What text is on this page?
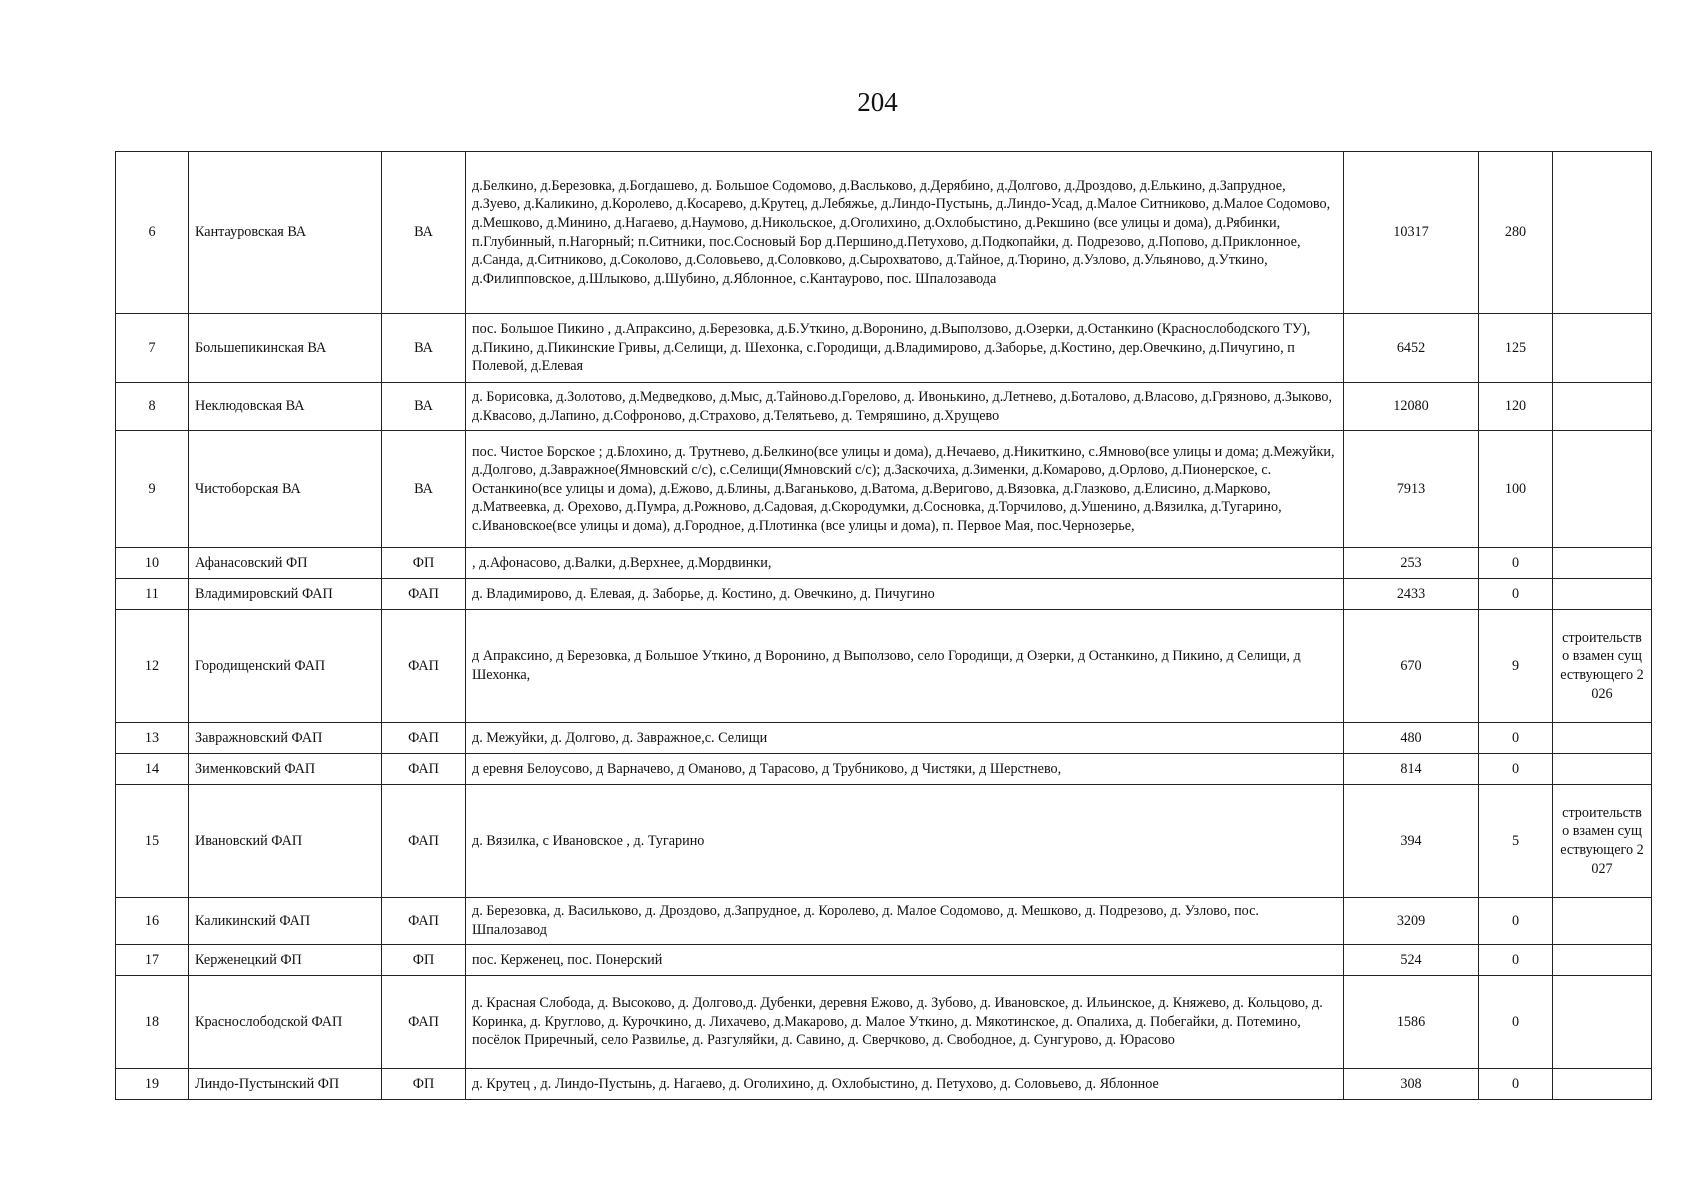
204
6	Кантауровская ВА	ВА	д.Белкино, д.Березовка, д.Богдашево, д. Большое Содомово, д.Васльково, д.Дерябино, д.Долгово, д.Дроздово, д.Елькино, д.Запрудное, д.Зуево, д.Каликино, д.Королево, д.Косарево, д.Крутец, д.Лебяжье, д.Линдо-Пустынь, д.Линдо-Усад, д.Малое Ситниково, д.Малое Содомово, д.Мешково, д.Минино, д.Нагаево, д.Наумово, д.Никольское, д.Оголихино, д.Охлобыстино, д.Рекшино (все улицы и дома), д.Рябинки, п.Глубинный, п.Нагорный; п.Ситники, пос.Сосновый Бор д.Першино,д.Петухово, д.Подкопайки, д. Подрезово, д.Попово, д.Приклонное, д.Санда, д.Ситниково, д.Соколово, д.Соловьево, д.Соловково, д.Сырохватово, д.Тайное, д.Тюрино, д.Узлово, д.Ульяново, д.Уткино, д.Филипповское, д.Шлыково, д.Шубино, д.Яблонное, с.Кантаурово, пос. Шпалозавода	10317	280	

7	Большепикинская ВА	ВА	пос. Большое Пикино , д.Апраксино, д.Березовка, д.Б.Уткино, д.Воронино, д.Выползово, д.Озерки, д.Останкино (Краснослободского ТУ), д.Пикино, д.Пикинские Гривы, д.Селищи, д. Шехонка, с.Городищи, д.Владимирово, д.Заборье, д.Костино, дер.Овечкино, д.Пичугино, п Полевой, д.Елевая	6452	125	

8	Неклюдовская ВА	ВА	д. Борисовка, д.Золотово, д.Медведково, д.Мыс, д.Тайново.д.Горелово, д. Ивонькино, д.Летнево, д.Боталово, д.Власово, д.Грязново, д.Зыково, д.Квасово, д.Лапино, д.Софроново, д.Страхово, д.Телятьево, д. Темряшино, д.Хрущево	12080	120	

9	Чистоборская ВА	ВА	пос. Чистое Борское ; д.Блохино, д. Трутнево, д.Белкино(все улицы и дома), д.Нечаево, д.Никиткино, с.Ямново(все улицы и дома; д.Межуйки, д.Долгово, д.Завражное(Ямновский с/с), с.Селищи(Ямновский с/с); д.Заскочиха, д.Зименки, д.Комарово, д.Орлово, д.Пионерское, с. Останкино(все улицы и дома), д.Ежово, д.Блины, д.Ваганьково, д.Ватома, д.Веригово, д.Вязовка, д.Глазково, д.Елисино, д.Марково, д.Матвеевка, д. Орехово, д.Пумра, д.Рожново, д.Садовая, д.Скородумки, д.Сосновка, д.Торчилово, д.Ушенино, д.Вязилка, д.Тугарино, с.Ивановское(все улицы и дома), д.Городное, д.Плотинка (все улицы и дома), п. Первое Мая, пос.Чернозерье,	7913	100	

10	Афанасовский ФП	ФП	, д.Афонасово, д.Валки, д.Верхнее, д.Мордвинки,	253	0	

11	Владимировский ФАП	ФАП	д. Владимирово, д. Елевая, д. Заборье, д. Костино, д. Овечкино, д. Пичугино	2433	0	

12	Городищенский ФАП	ФАП	д Апраксино, д Березовка, д Большое Уткино, д Воронино, д Выползово, село Городищи, д Озерки, д Останкино, д Пикино, д Селищи, д Шехонка,	670	9	строительство взамен существующего 2026

13	Завражновский ФАП	ФАП	д. Межуйки, д. Долгово, д. Завражное,с. Селищи	480	0	

14	Зименковский ФАП	ФАП	д еревня Белоусово, д Варначево, д Оманово, д Тарасово, д Трубниково, д Чистяки, д Шерстнево,	814	0	

15	Ивановский ФАП	ФАП	д. Вязилка, с Ивановское , д. Тугарино	394	5	строительство взамен существующего 2027

16	Каликинский ФАП	ФАП	д. Березовка, д. Васильково, д. Дроздово, д.Запрудное, д. Королево, д. Малое Содомово, д. Мешково, д. Подрезово, д. Узлово, пос. Шпалозавод	3209	0	

17	Керженецкий ФП	ФП	пос. Керженец, пос. Понерский	524	0	

18	Краснослободской ФАП	ФАП	д. Красная Слобода, д. Высоково, д. Долгово,д. Дубенки, деревня Ежово, д. Зубово, д. Ивановское, д. Ильинское, д. Княжево, д. Кольцово, д. Коринка, д. Круглово, д. Курочкино, д. Лихачево, д.Макарово, д. Малое Уткино, д. Мякотинское, д. Опалиха, д. Побегайки, д. Потемино, посёлок Приречный, село Развилье, д. Разгуляйки, д. Савино, д. Сверчково, д. Свободное, д. Сунгурово, д. Юрасово	1586	0	

19	Линдо-Пустынский ФП	ФП	д. Крутец , д. Линдо-Пустынь, д. Нагаево, д. Оголихино, д. Охлобыстино, д. Петухово, д. Соловьево, д. Яблонное	308	0	
